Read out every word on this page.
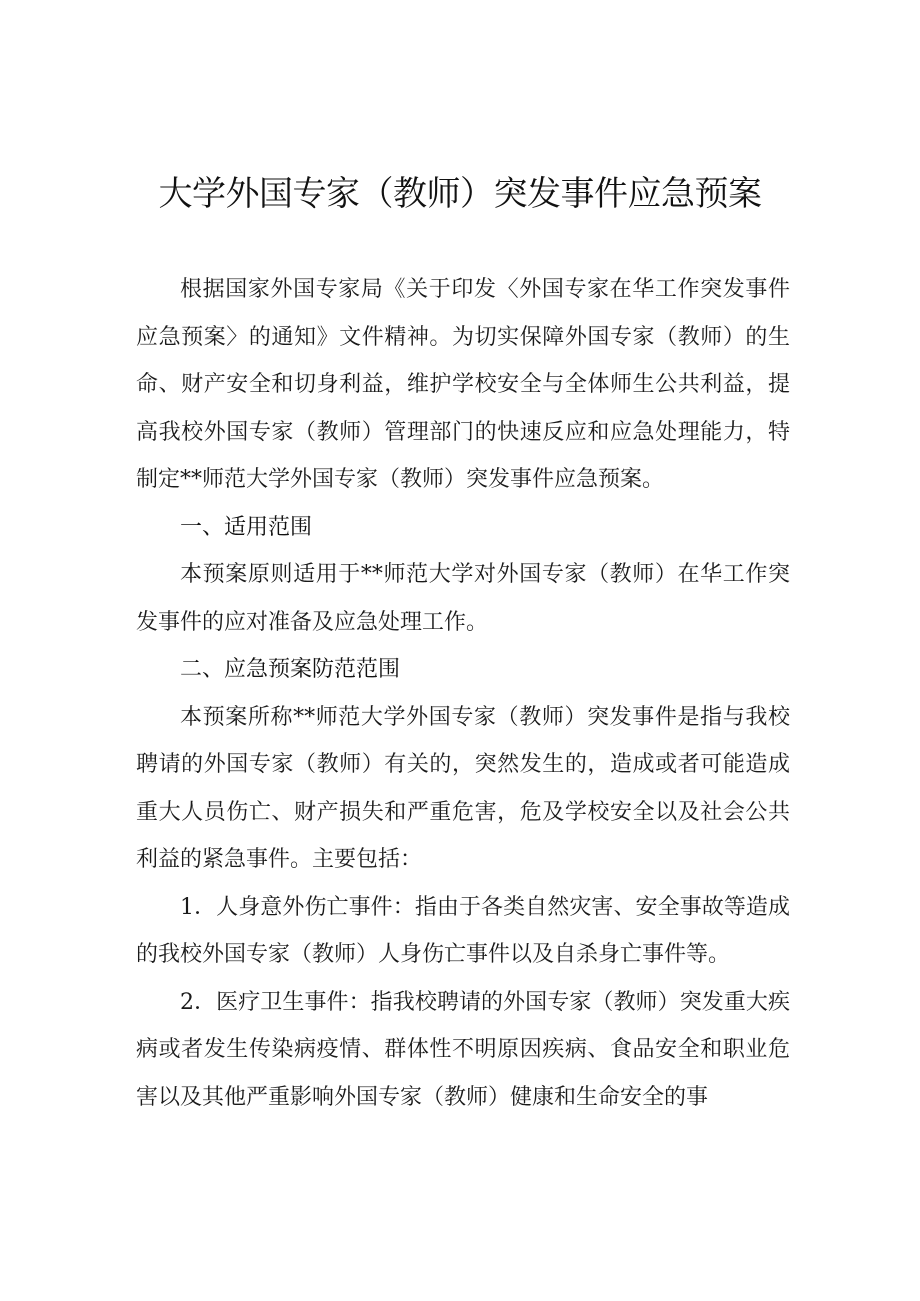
大学外国专家（教师）突发事件应急预案

根据国家外国专家局《关于印发〈外国专家在华工作突发事件应急预案〉的通知》文件精神。为切实保障外国专家（教师）的生命、财产安全和切身利益，维护学校安全与全体师生公共利益，提高我校外国专家（教师）管理部门的快速反应和应急处理能力，特制定**师范大学外国专家（教师）突发事件应急预案。

一、适用范围

本预案原则适用于**师范大学对外国专家（教师）在华工作突发事件的应对准备及应急处理工作。

二、应急预案防范范围

本预案所称**师范大学外国专家（教师）突发事件是指与我校聘请的外国专家（教师）有关的，突然发生的，造成或者可能造成重大人员伤亡、财产损失和严重危害，危及学校安全以及社会公共利益的紧急事件。主要包括：

1．人身意外伤亡事件：指由于各类自然灾害、安全事故等造成的我校外国专家（教师）人身伤亡事件以及自杀身亡事件等。

2．医疗卫生事件：指我校聘请的外国专家（教师）突发重大疾病或者发生传染病疫情、群体性不明原因疾病、食品安全和职业危害以及其他严重影响外国专家（教师）健康和生命安全的事
